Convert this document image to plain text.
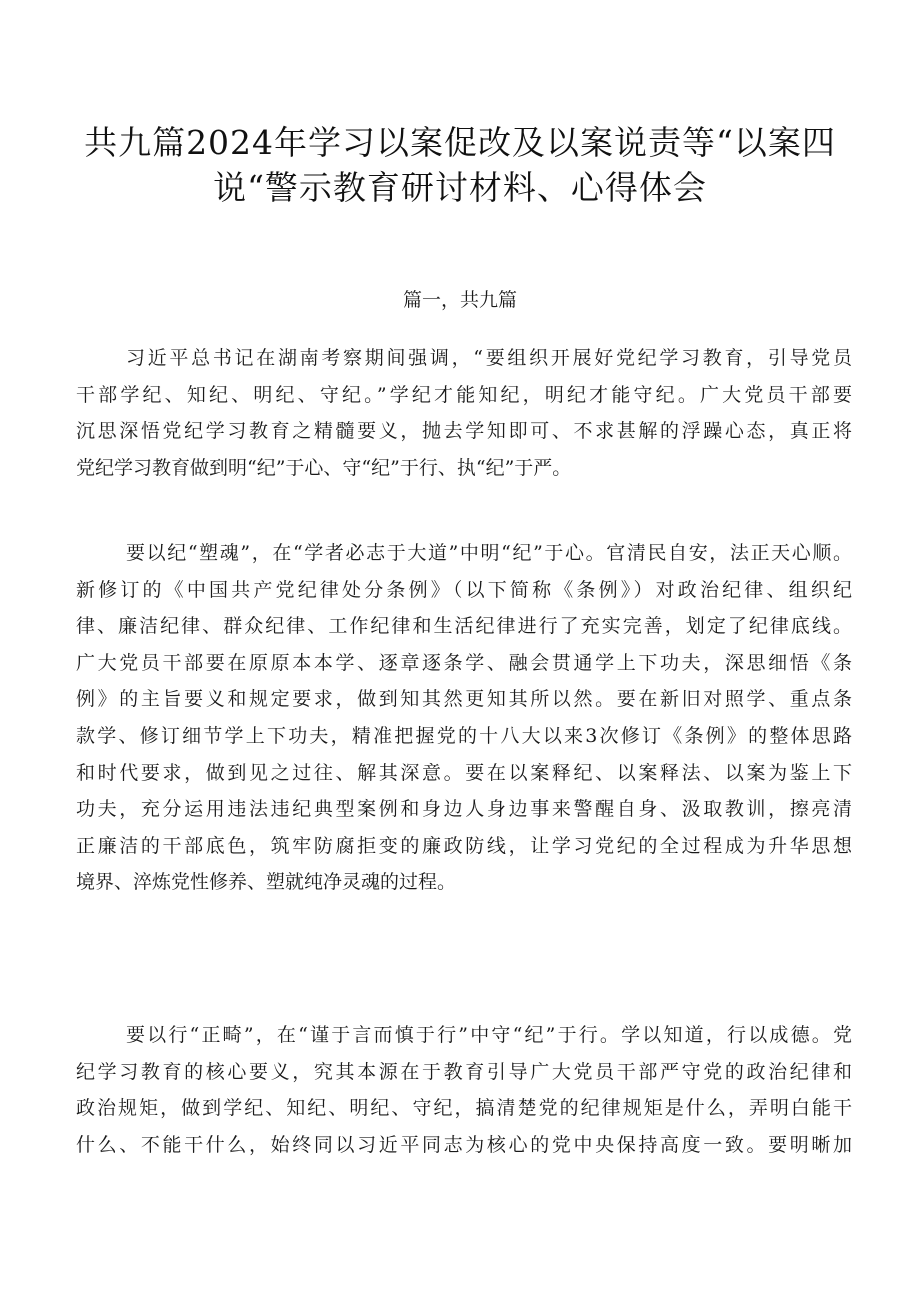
共九篇2024年学习以案促改及以案说责等“以案四
说“警示教育研讨材料、心得体会
篇一，共九篇

习近平总书记在湖南考察期间强调，“要组织开展好党纪学习教育，引导党员
干部学纪、知纪、明纪、守纪。”学纪才能知纪，明纪才能守纪。广大党员干部要
沉思深悟党纪学习教育之精髓要义，抛去学知即可、不求甚解的浮躁心态，真正将
党纪学习教育做到明“纪”于心、守“纪”于行、执“纪”于严。

要以纪“塑魂”，在“学者必志于大道”中明“纪”于心。官清民自安，法正天心顺。
新修订的《中国共产党纪律处分条例》（以下简称《条例》）对政治纪律、组织纪
律、廉洁纪律、群众纪律、工作纪律和生活纪律进行了充实完善，划定了纪律底线。
广大党员干部要在原原本本学、逐章逐条学、融会贯通学上下功夫，深思细悟《条
例》的主旨要义和规定要求，做到知其然更知其所以然。要在新旧对照学、重点条
款学、修订细节学上下功夫，精准把握党的十八大以来3次修订《条例》的整体思路
和时代要求，做到见之过往、解其深意。要在以案释纪、以案释法、以案为鉴上下
功夫，充分运用违法违纪典型案例和身边人身边事来警醒自身、汲取教训，擦亮清
正廉洁的干部底色，筑牢防腐拒变的廉政防线，让学习党纪的全过程成为升华思想
境界、淬炼党性修养、塑就纯净灵魂的过程。

要以行“正畸”，在“谨于言而慎于行”中守“纪”于行。学以知道，行以成德。党
纪学习教育的核心要义，究其本源在于教育引导广大党员干部严守党的政治纪律和
政治规矩，做到学纪、知纪、明纪、守纪，搞清楚党的纪律规矩是什么，弄明白能干
什么、不能干什么，始终同以习近平同志为核心的党中央保持高度一致。要明晰加
